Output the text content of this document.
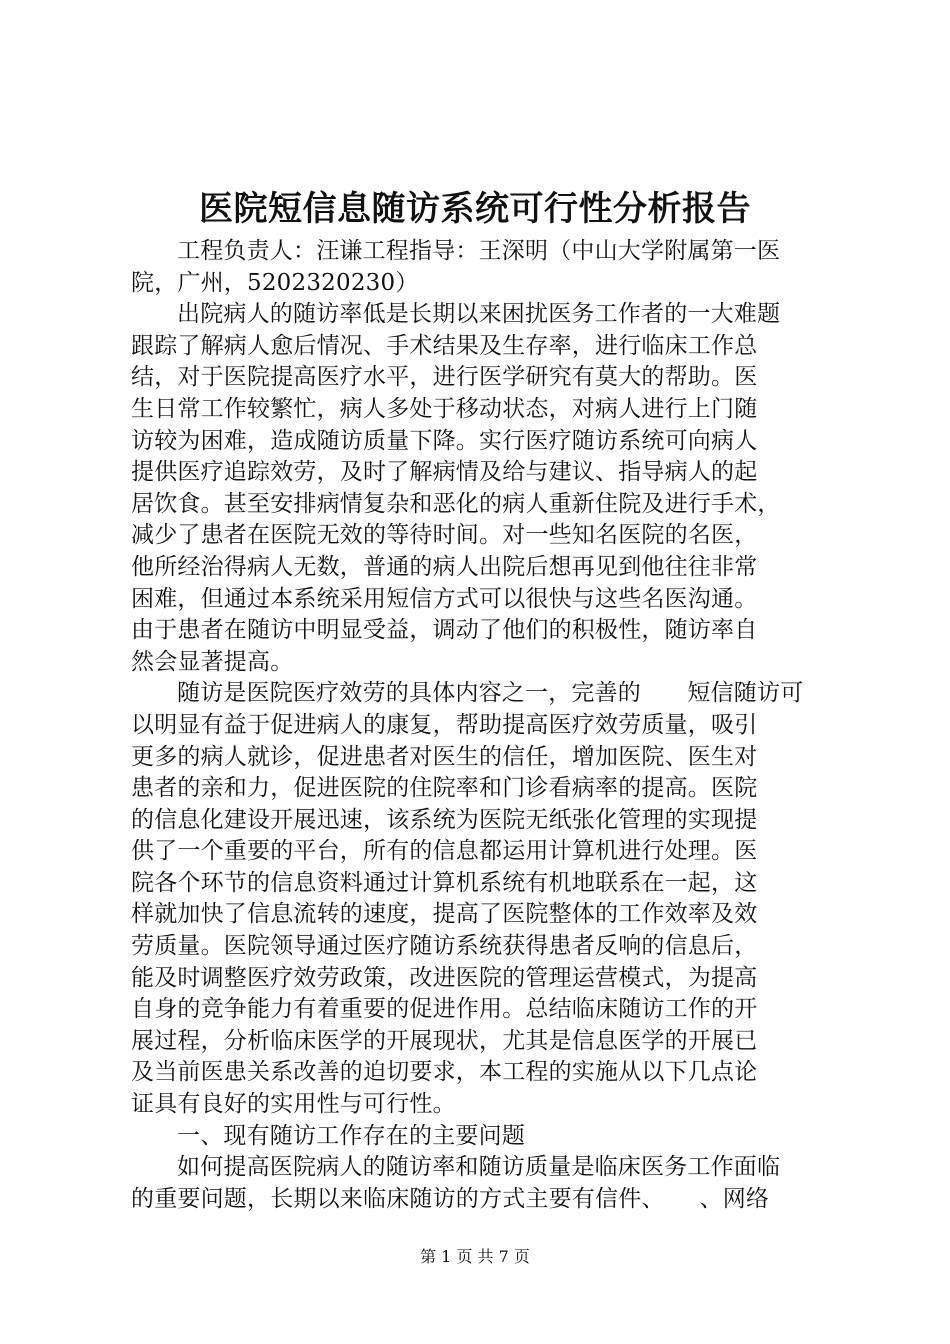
医院短信息随访系统可行性分析报告
工程负责人：汪谦工程指导：王深明（中山大学附属第一医
院，广州，5202320230）
出院病人的随访率低是长期以来困扰医务工作者的一大难题
跟踪了解病人愈后情况、手术结果及生存率，进行临床工作总
结，对于医院提高医疗水平，进行医学研究有莫大的帮助。医
生日常工作较繁忙，病人多处于移动状态，对病人进行上门随
访较为困难，造成随访质量下降。实行医疗随访系统可向病人
提供医疗追踪效劳，及时了解病情及给与建议、指导病人的起
居饮食。甚至安排病情复杂和恶化的病人重新住院及进行手术，
减少了患者在医院无效的等待时间。对一些知名医院的名医，
他所经治得病人无数，普通的病人出院后想再见到他往往非常
困难，但通过本系统采用短信方式可以很快与这些名医沟通。
由于患者在随访中明显受益，调动了他们的积极性，随访率自
然会显著提高。
随访是医院医疗效劳的具体内容之一，完善的　　短信随访可
以明显有益于促进病人的康复，帮助提高医疗效劳质量，吸引
更多的病人就诊，促进患者对医生的信任，增加医院、医生对
患者的亲和力，促进医院的住院率和门诊看病率的提高。医院
的信息化建设开展迅速，该系统为医院无纸张化管理的实现提
供了一个重要的平台，所有的信息都运用计算机进行处理。医
院各个环节的信息资料通过计算机系统有机地联系在一起，这
样就加快了信息流转的速度，提高了医院整体的工作效率及效
劳质量。医院领导通过医疗随访系统获得患者反响的信息后，
能及时调整医疗效劳政策，改进医院的管理运营模式，为提高
自身的竞争能力有着重要的促进作用。总结临床随访工作的开
展过程，分析临床医学的开展现状，尤其是信息医学的开展已
及当前医患关系改善的迫切要求，本工程的实施从以下几点论
证具有良好的实用性与可行性。
一、现有随访工作存在的主要问题
如何提高医院病人的随访率和随访质量是临床医务工作面临
的重要问题，长期以来临床随访的方式主要有信件、　　、网络
第 1 页 共 7 页
